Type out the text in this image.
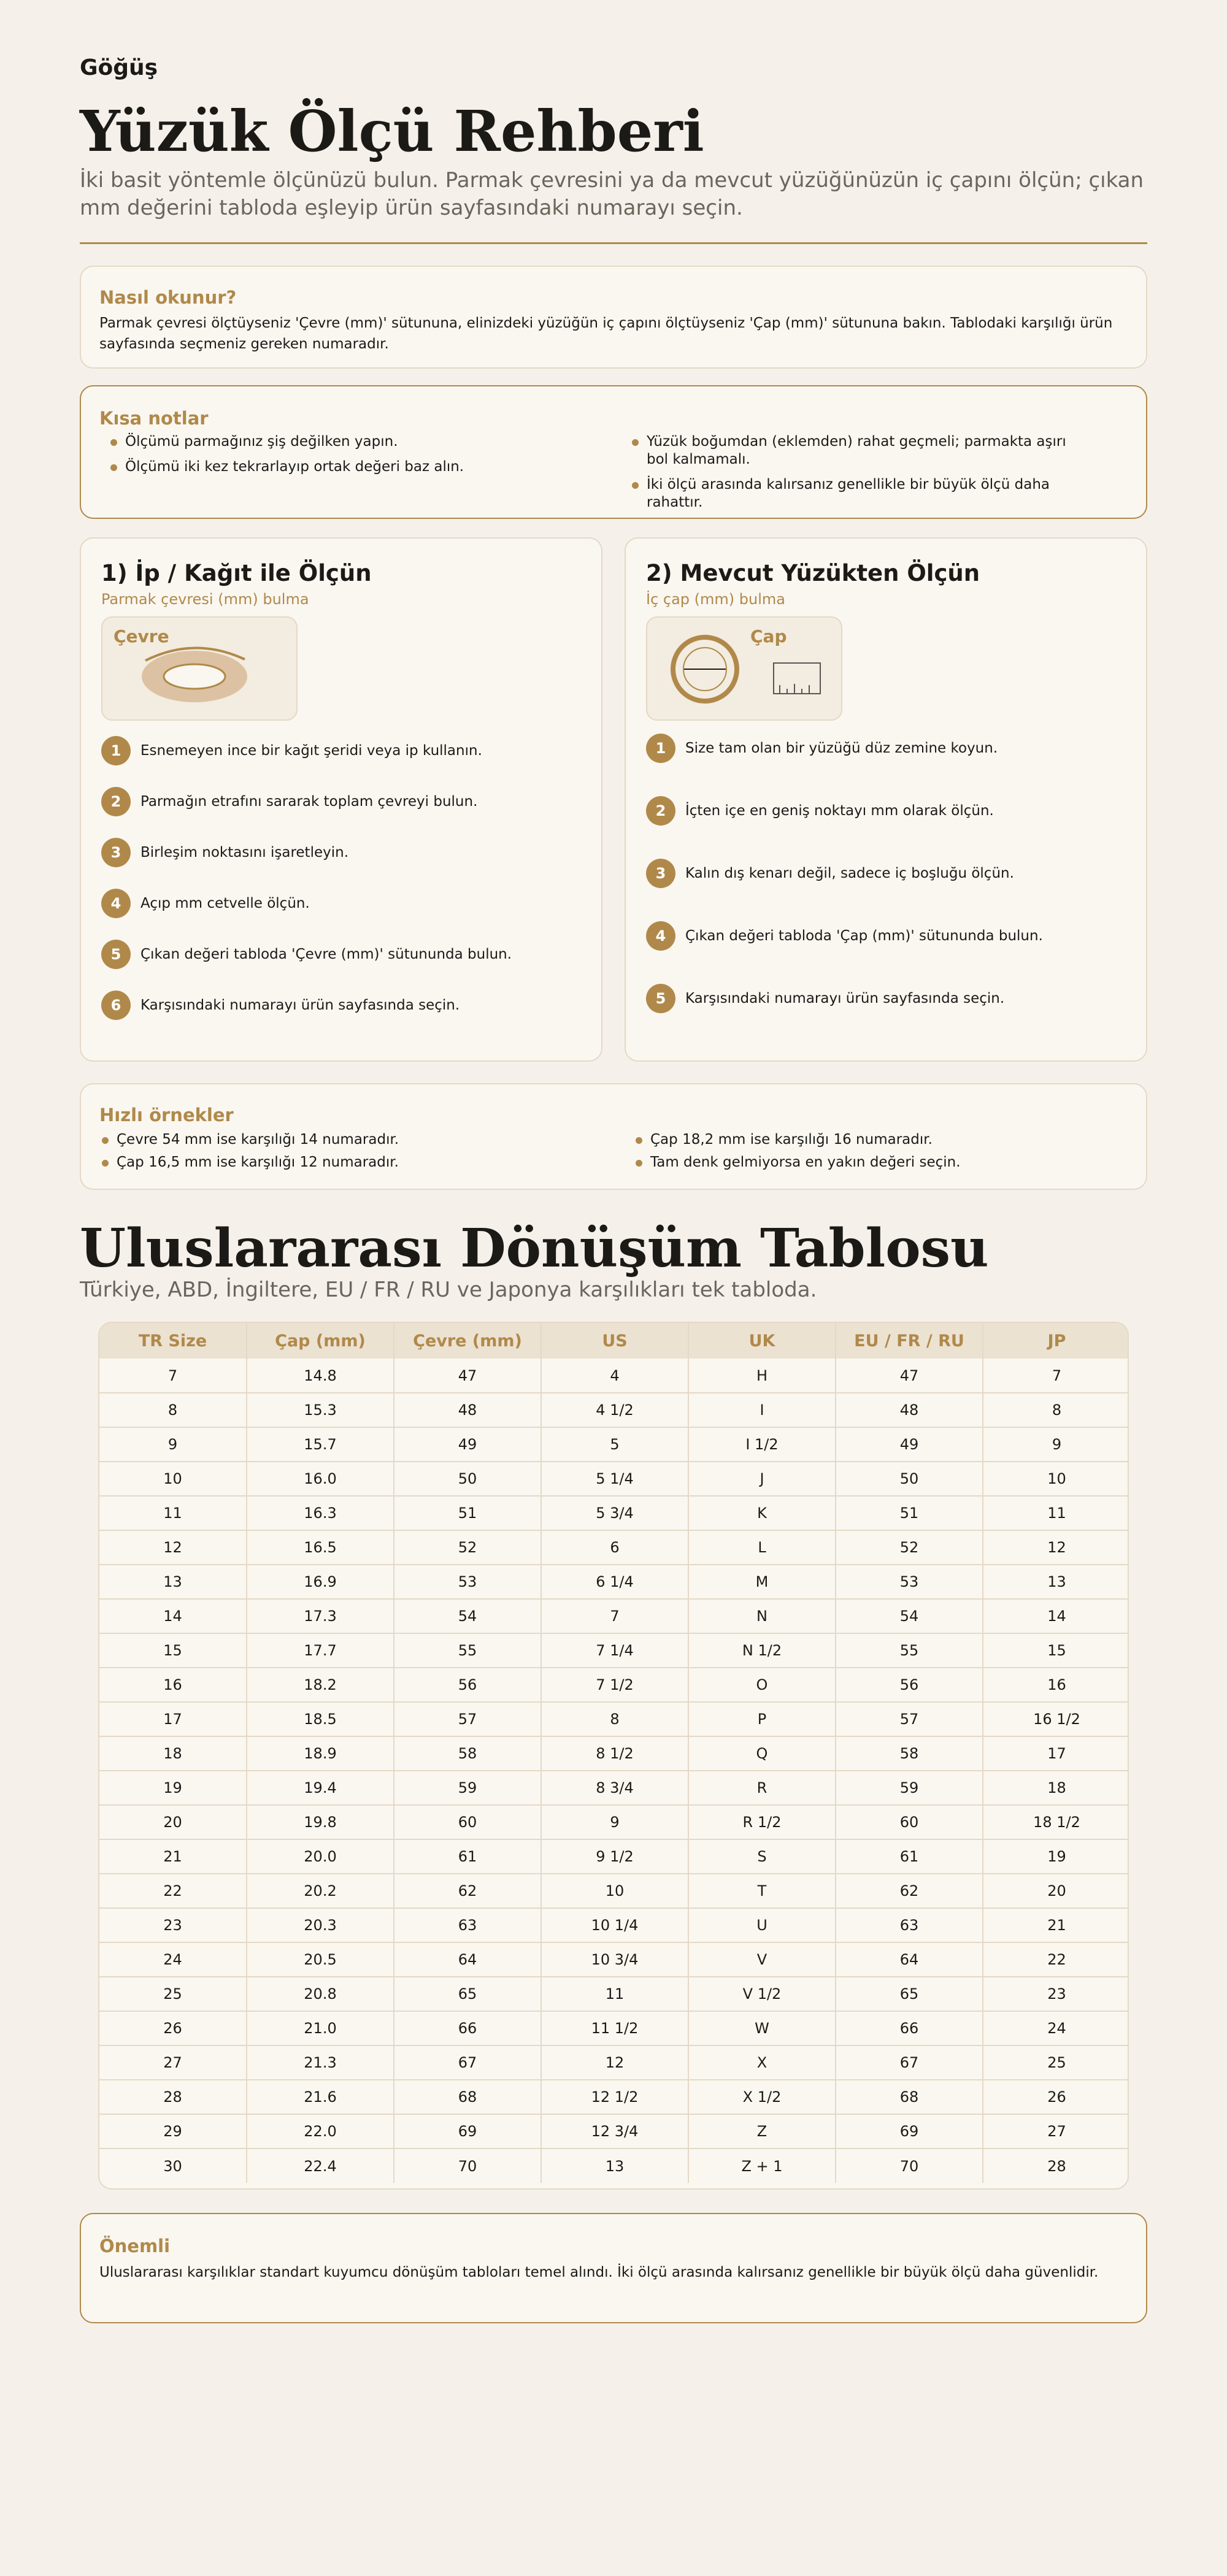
Göğüş
Yüzük Ölçü Rehberi

İki basit yöntemle ölçünüzü bulun. Parmak çevresini ya da mevcut yüzüğünüzün iç çapını ölçün; çıkan mm değerini tabloda eşleyip ürün sayfasındaki numarayı seçin.

Nasıl okunur?

Parmak çevresi ölçtüyseniz 'Çevre (mm)' sütununa, elinizdeki yüzüğün iç çapını ölçtüyseniz 'Çap (mm)' sütununa bakın. Tablodaki karşılığı ürün sayfasında seçmeniz gereken numaradır.

Kısa notlar
Ölçümü parmağınız şiş değilken yapın.
Ölçümü iki kez tekrarlayıp ortak değeri baz alın.
Yüzük boğumdan (eklemden) rahat geçmeli; parmakta aşırı bol kalmamalı.
İki ölçü arasında kalırsanız genellikle bir büyük ölçü daha rahattır.
1) İp / Kağıt ile Ölçün
Parmak çevresi (mm) bulma
Çevre
1	Esnemeyen ince bir kağıt şeridi veya ip kullanın.
2	Parmağın etrafını sararak toplam çevreyi bulun.
3	Birleşim noktasını işaretleyin.
4	Açıp mm cetvelle ölçün.
5	Çıkan değeri tabloda 'Çevre (mm)' sütununda bulun.
6	Karşısındaki numarayı ürün sayfasında seçin.
2) Mevcut Yüzükten Ölçün
İç çap (mm) bulma
Çap
1	Size tam olan bir yüzüğü düz zemine koyun.
2	İçten içe en geniş noktayı mm olarak ölçün.
3	Kalın dış kenarı değil, sadece iç boşluğu ölçün.
4	Çıkan değeri tabloda 'Çap (mm)' sütununda bulun.
5	Karşısındaki numarayı ürün sayfasında seçin.
Hızlı örnekler
Çevre 54 mm ise karşılığı 14 numaradır.
Çap 16,5 mm ise karşılığı 12 numaradır.
Çap 18,2 mm ise karşılığı 16 numaradır.
Tam denk gelmiyorsa en yakın değeri seçin.
Uluslararası Dönüşüm Tablosu

Türkiye, ABD, İngiltere, EU / FR / RU ve Japonya karşılıkları tek tabloda.

TR Size	Çap (mm)	Çevre (mm)	US	UK	EU / FR / RU	JP
7	14.8	47	4	H	47	7
8	15.3	48	4 1/2	I	48	8
9	15.7	49	5	I 1/2	49	9
10	16.0	50	5 1/4	J	50	10
11	16.3	51	5 3/4	K	51	11
12	16.5	52	6	L	52	12
13	16.9	53	6 1/4	M	53	13
14	17.3	54	7	N	54	14
15	17.7	55	7 1/4	N 1/2	55	15
16	18.2	56	7 1/2	O	56	16
17	18.5	57	8	P	57	16 1/2
18	18.9	58	8 1/2	Q	58	17
19	19.4	59	8 3/4	R	59	18
20	19.8	60	9	R 1/2	60	18 1/2
21	20.0	61	9 1/2	S	61	19
22	20.2	62	10	T	62	20
23	20.3	63	10 1/4	U	63	21
24	20.5	64	10 3/4	V	64	22
25	20.8	65	11	V 1/2	65	23
26	21.0	66	11 1/2	W	66	24
27	21.3	67	12	X	67	25
28	21.6	68	12 1/2	X 1/2	68	26
29	22.0	69	12 3/4	Z	69	27
30	22.4	70	13	Z + 1	70	28
Önemli

Uluslararası karşılıklar standart kuyumcu dönüşüm tabloları temel alındı. İki ölçü arasında kalırsanız genellikle bir büyük ölçü daha güvenlidir.
